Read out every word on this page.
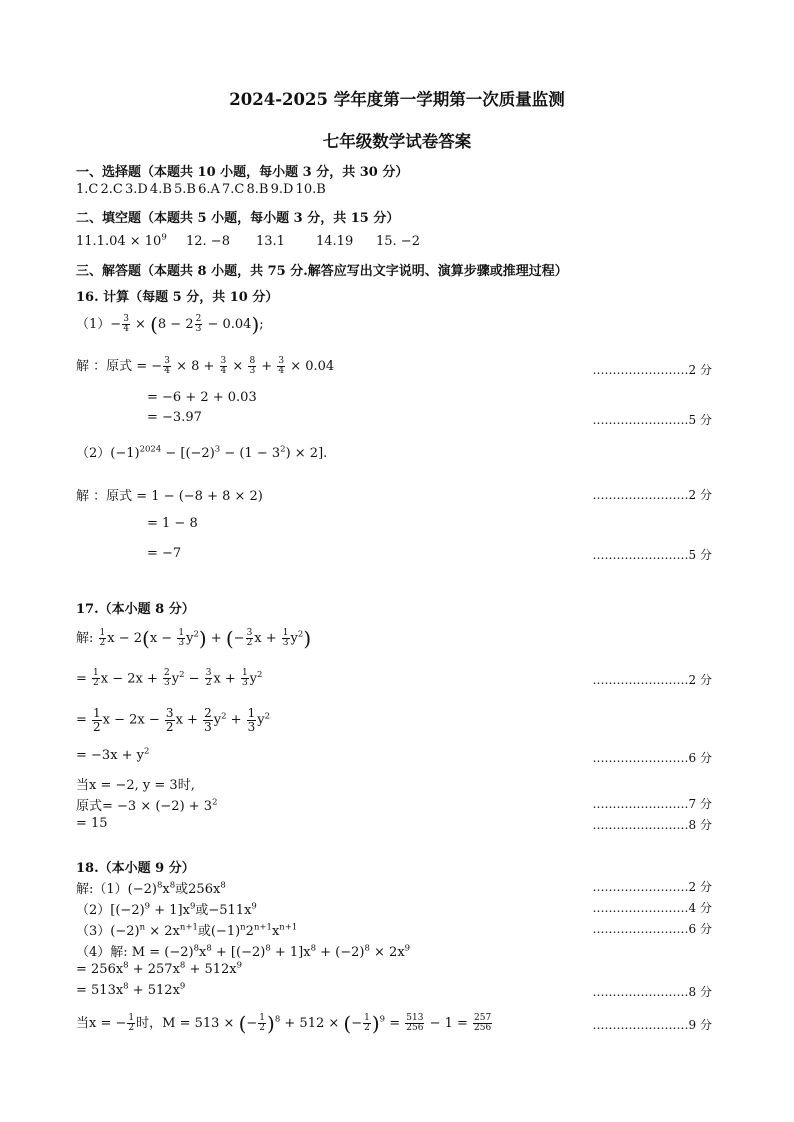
2024-2025 学年度第一学期第一次质量监测
七年级数学试卷答案
一、选择题（本题共 10 小题，每小题 3 分，共 30 分）
1.C 2.C 3.D 4.B 5.B 6.A 7.C 8.B 9.D 10.B
二、填空题（本题共 5 小题，每小题 3 分，共 15 分）
$11.1.04 \times 10^9$ 12. −8 13.1 14.19 15. −2
三、解答题（本题共 8 小题，共 75 分.解答应写出文字说明、演算步骤或推理过程）
16. 计算（每题 5 分，共 10 分）
$(1)- \frac{3}{4} \times (8 - 2 \frac{2}{3} - 0.04)$;
解 ：原式 = − $\frac{3}{4} \times 8 + \frac{3}{4} \times \frac{8}{3} + \frac{3}{4} \times 0.04$	……………………2 分
= −6 + 2 + 0.03
= −3.97	……………………5 分
$(2)(-1)^{2024} - [(-2)^3 - (1 - 3^2) \times 2]$.
解 ：原式 = 1 − (−8 + 8 × 2)	……………………2 分
= 1 − 8
= −7	……………………5 分
17.（本小题 8 分）
解: $\frac{1}{2}$ $x - 2(x - \frac{1}{3} y^2)$ + (− $\frac{3}{2}$ $x + \frac{1}{3} y^2$)
= $\frac{1}{2}$ $x - 2x + \frac{2}{3} y^2 - \frac{3}{2}$ $x + \frac{1}{3} y^2$	……………………2 分
= $\frac{1}{2}$ $x - 2x - \frac{3}{2}$ $x + \frac{2}{3} y^2 + \frac{1}{3} y^2$
= $-3x + y^2$	……………………6 分
当x = −2, y = 3时,
原式= $-3 \times (-2) + 3^2$	……………………7 分
= 15	……………………8 分
18.（本小题 9 分）
解$:(1)(-2)^8x^8$或$256x^8$	……………………2 分
$(2)[(-2)^9 + 1]x^9$或$-511x^9$	……………………4 分
$(3)(-2)^n \times 2x^{n+1}$或$(-1)^n2^{n+1}x^{n+1}$	……………………6 分
（4）解: $M = (-2)^8x^8 + [(-2)^8 + 1]x^8 + (-2)^8 \times 2x^9$
= $256x^8 + 257x^8 + 512x^9$
= $513x^8 + 512x^9$	……………………8 分
当x = − $\frac{1}{2}$ 时，M = 513 × (− $\frac{1}{2} )^8 + 512$ × (− $\frac{1}{2} )^9 = \frac{513}{256} - 1 = \frac{257}{256}$	……………………9 分
